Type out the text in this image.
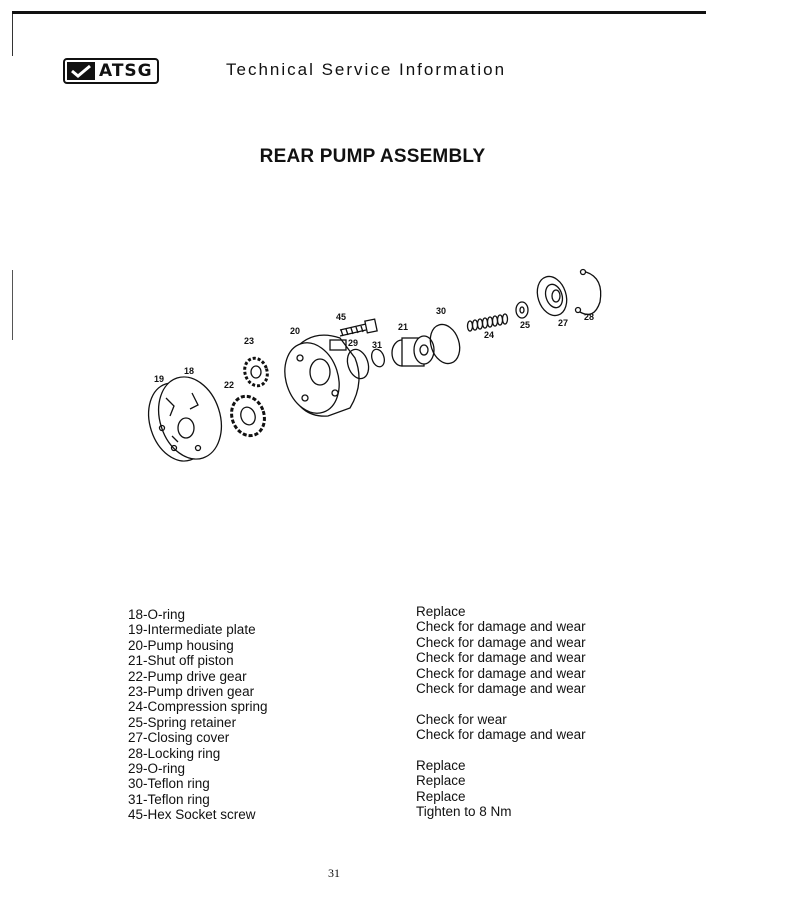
ATSG	Technical Service Information
REAR PUMP ASSEMBLY
19
18
22
23
20
45
29 31
21
30
24
25	27
28
18-O-ring
19-Intermediate plate
20-Pump housing
21-Shut off piston
22-Pump drive gear
23-Pump driven gear
24-Compression spring
25-Spring retainer
27-Closing cover
28-Locking ring
29-O-ring
30-Teflon ring
31-Teflon ring
45-Hex Socket screw
Replace
Check for damage and wear
Check for damage and wear
Check for damage and wear
Check for damage and wear
Check for damage and wear
Check for wear
Check for damage and wear
Replace
Replace
Replace
Tighten to 8 Nm
31
